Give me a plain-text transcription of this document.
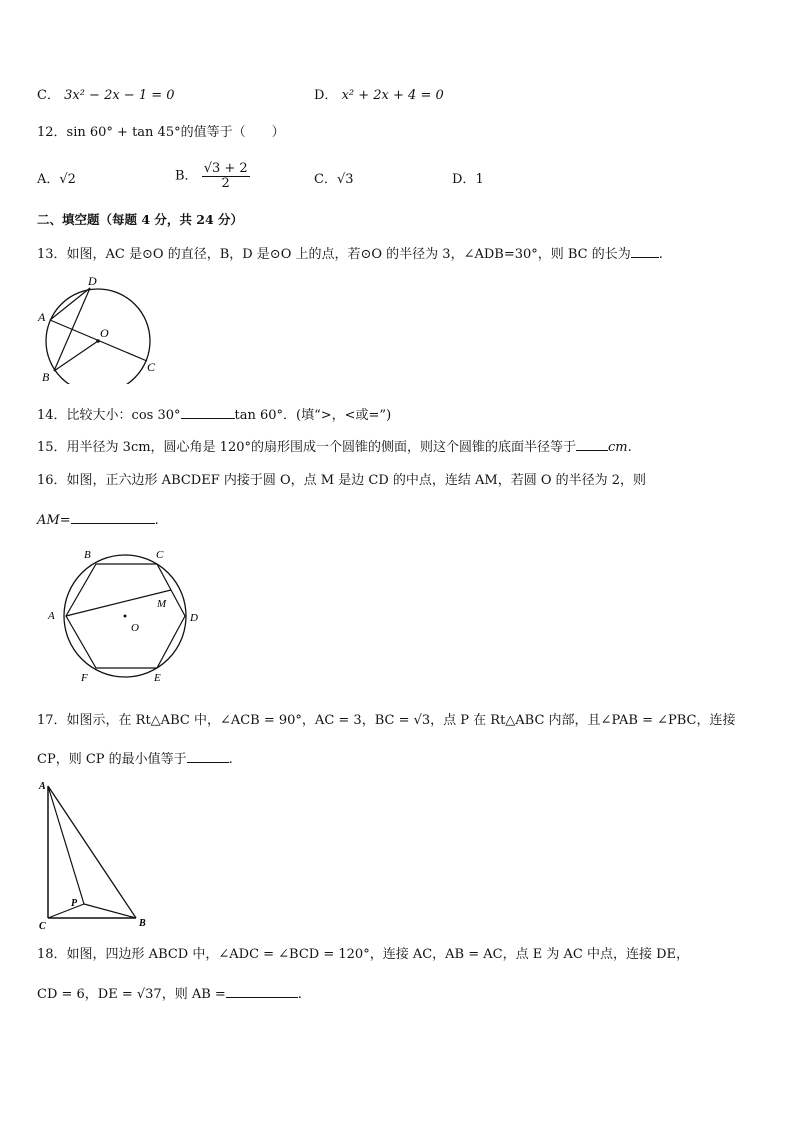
C． 3x² − 2x − 1 = 0	D． x² + 2x + 4 = 0
12．sin 60° + tan 45°的值等于（　　）
A．√2	B． $\frac{√3 + 2}{2}$	C．√3	D．1
二、填空题（每题 4 分，共 24 分）
13．如图，AC 是⊙O 的直径，B，D 是⊙O 上的点，若⊙O 的半径为 3，∠ADB=30°，则 BC 的长为 .
D
A
O
B
C
14．比较大小：cos 30°	tan 60°．(填“>，<或=”)
15．用半径为 3cm，圆心角是 120°的扇形围成一个圆锥的侧面，则这个圆锥的底面半径等于 cm.
16．如图，正六边形 ABCDEF 内接于圆 O，点 M 是边 CD 的中点，连结 AM，若圆 O 的半径为 2，则
AM=	.
B	C
A	D
M
O
F	E
17．如图示，在 Rt△ABC 中，∠ACB = 90°，AC = 3，BC = √3，点 P 在 Rt△ABC 内部，且∠PAB = ∠PBC，连接
CP，则 CP 的最小值等于	.
A
C	B
P
18．如图，四边形 ABCD 中，∠ADC = ∠BCD = 120°，连接 AC，AB = AC，点 E 为 AC 中点，连接 DE，
CD = 6，DE = √37，则 AB =	.
